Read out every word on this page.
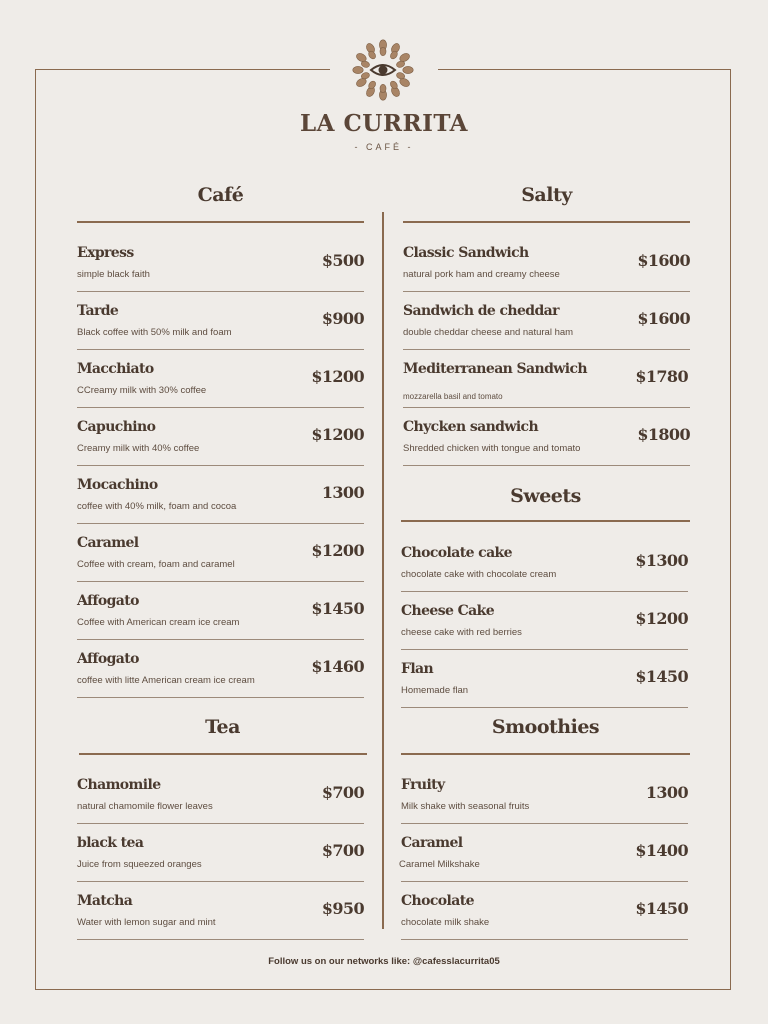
LA CURRITA
- CAFÉ -
Café
Express
simple black faith
$500
Tarde
Black coffee with 50% milk and foam
$900
Macchiato
CCreamy milk with 30% coffee
$1200
Capuchino
Creamy milk with 40% coffee
$1200
Mocachino
coffee with 40% milk, foam and cocoa
1300
Caramel
Coffee with cream, foam and caramel
$1200
Affogato
Coffee with American cream ice cream
$1450
Affogato
coffee with litte American cream ice cream
$1460
Tea
Chamomile
natural chamomile flower leaves
$700
black tea
Juice from squeezed oranges
$700
Matcha
Water with lemon sugar and mint
$950
Salty
Classic Sandwich
natural pork ham and creamy cheese
$1600
Sandwich de cheddar
double cheddar cheese and natural ham
$1600
Mediterranean Sandwich
mozzarella basil and tomato
$1780
Chycken sandwich
Shredded chicken with tongue and tomato
$1800
Sweets
Chocolate cake
chocolate cake with chocolate cream
$1300
Cheese Cake
cheese cake with red berries
$1200
Flan
Homemade flan
$1450
Smoothies
Fruity
Milk shake with seasonal fruits
1300
Caramel
Caramel Milkshake
$1400
Chocolate
chocolate milk shake
$1450
Follow us on our networks like: @cafesslacurrita05
